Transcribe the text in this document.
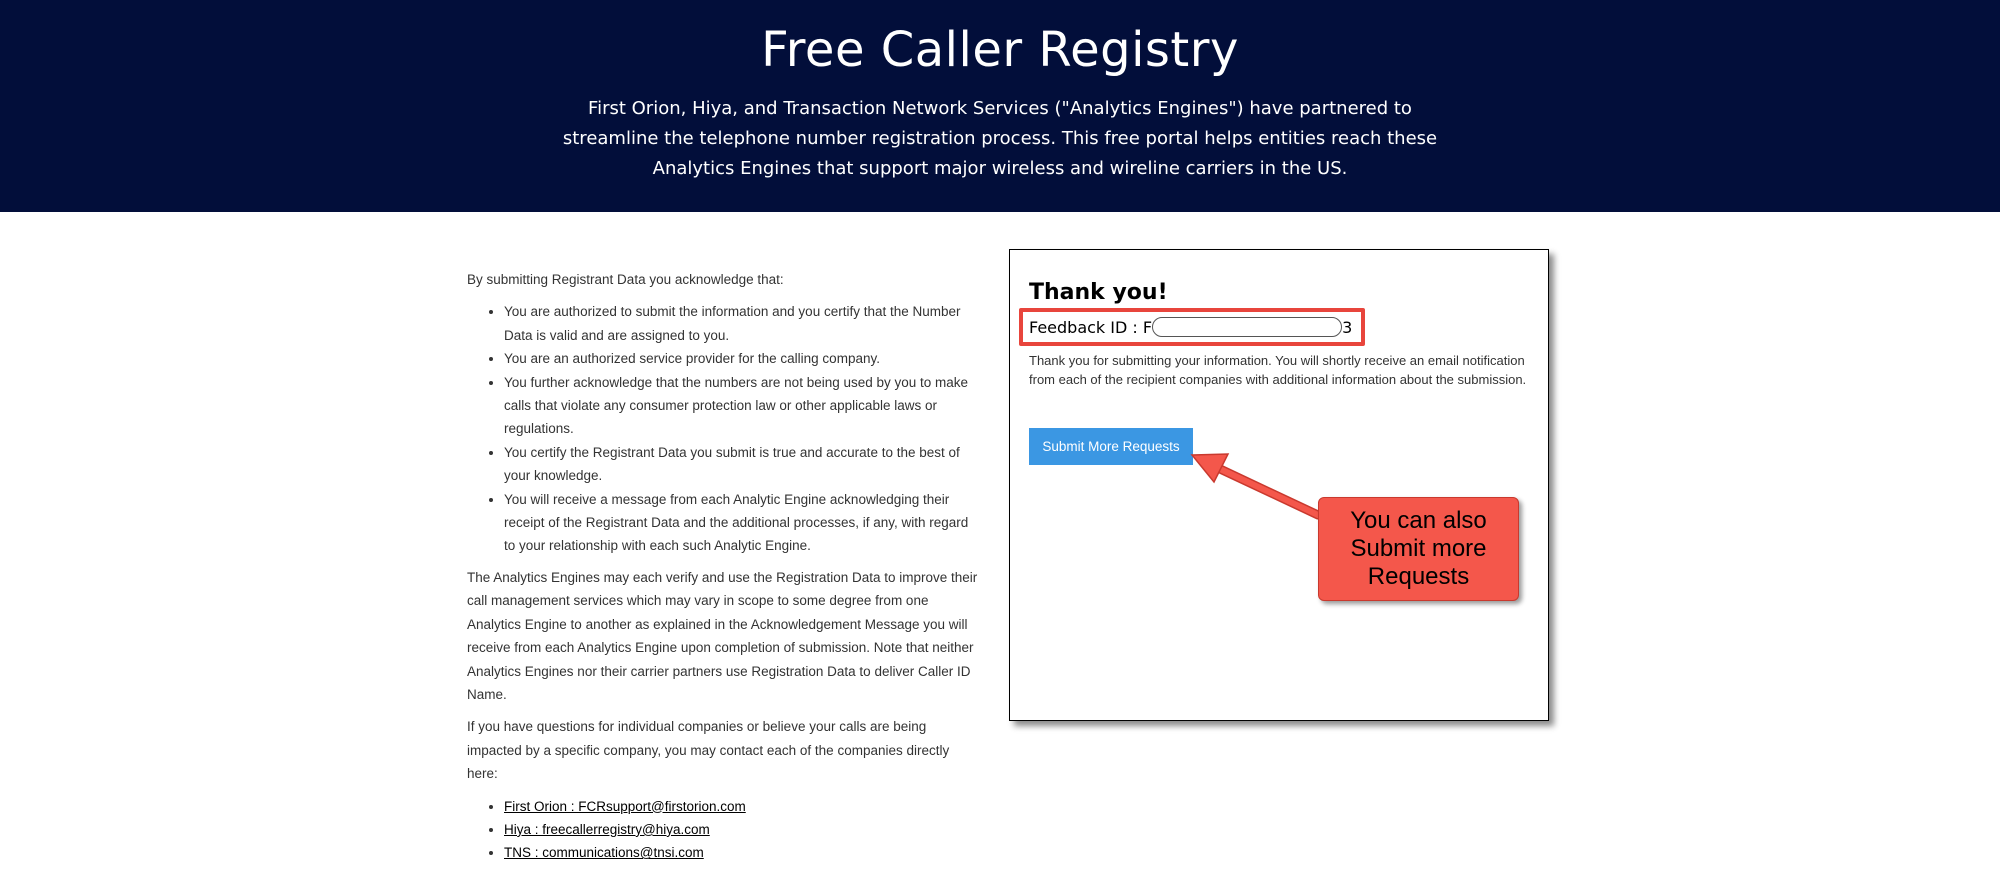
Free Caller Registry

First Orion, Hiya, and Transaction Network Services ("Analytics Engines") have partnered to streamline the telephone number registration process. This free portal helps entities reach these Analytics Engines that support major wireless and wireline carriers in the US.

By submitting Registrant Data you acknowledge that:

• You are authorized to submit the information and you certify that the Number Data is valid and are assigned to you.
• You are an authorized service provider for the calling company.
• You further acknowledge that the numbers are not being used by you to make calls that violate any consumer protection law or other applicable laws or regulations.
• You certify the Registrant Data you submit is true and accurate to the best of your knowledge.
• You will receive a message from each Analytic Engine acknowledging their receipt of the Registrant Data and the additional processes, if any, with regard to your relationship with each such Analytic Engine.

The Analytics Engines may each verify and use the Registration Data to improve their call management services which may vary in scope to some degree from one Analytics Engine to another as explained in the Acknowledgement Message you will receive from each Analytics Engine upon completion of submission. Note that neither Analytics Engines nor their carrier partners use Registration Data to deliver Caller ID Name.

If you have questions for individual companies or believe your calls are being impacted by a specific company, you may contact each of the companies directly here:

• First Orion : FCRsupport@firstorion.com
• Hiya : freecallerregistry@hiya.com
• TNS : communications@tnsi.com
Thank you!
Feedback ID : F	3

Thank you for submitting your information. You will shortly receive an email notification from each of the recipient companies with additional information about the submission.

Submit More Requests
You can also Submit more Requests
